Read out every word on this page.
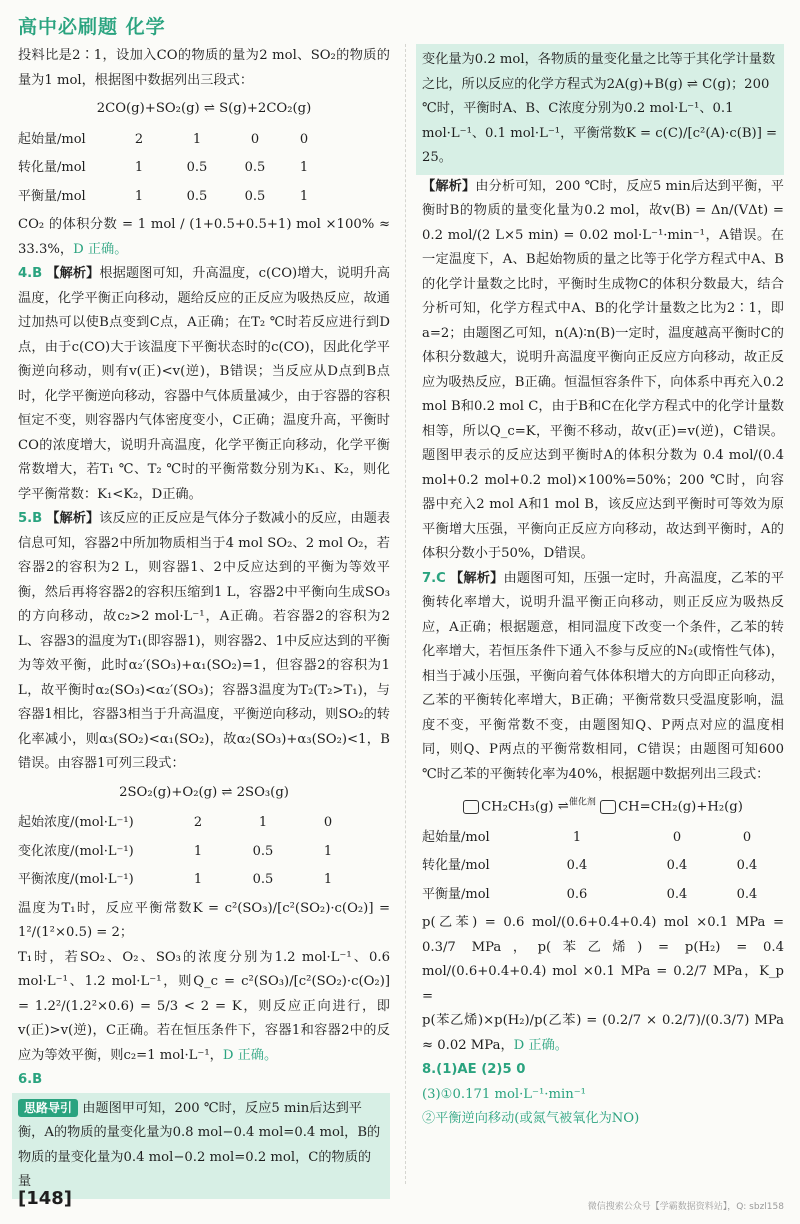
高中必刷题 化学

投料比是2∶1，设加入CO的物质的量为2 mol、SO₂的物质的量为1 mol，根据图中数据列出三段式：

2CO(g)+SO₂(g) ⇌ S(g)+2CO₂(g)
起始量/mol	2	1	0	0
转化量/mol	1	0.5	0.5	1
平衡量/mol	1	0.5	0.5	1

CO₂ 的体积分数 = 1 mol / (1+0.5+0.5+1) mol ×100% ≈ 33.3%，D 正确。

4.B 【解析】根据题图可知，升高温度，c(CO)增大，说明升高温度，化学平衡正向移动，题给反应的正反应为吸热反应，故通过加热可以使B点变到C点，A正确；在T₂ ℃时若反应进行到D点，由于c(CO)大于该温度下平衡状态时的c(CO)，因此化学平衡逆向移动，则有v(正)<v(逆)，B错误；当反应从D点到B点时，化学平衡逆向移动，容器中气体质量减少，由于容器的容积恒定不变，则容器内气体密度变小，C正确；温度升高，平衡时CO的浓度增大，说明升高温度，化学平衡正向移动，化学平衡常数增大，若T₁ ℃、T₂ ℃时的平衡常数分别为K₁、K₂，则化学平衡常数：K₁<K₂，D正确。

5.B 【解析】该反应的正反应是气体分子数减小的反应，由题表信息可知，容器2中所加物质相当于4 mol SO₂、2 mol O₂，若容器2的容积为2 L，则容器1、2中反应达到的平衡为等效平衡，然后再将容器2的容积压缩到1 L，容器2中平衡向生成SO₃的方向移动，故c₂>2 mol·L⁻¹，A正确。若容器2的容积为2 L、容器3的温度为T₁(即容器1)，则容器2、1中反应达到的平衡为等效平衡，此时α₂′(SO₃)+α₁(SO₂)=1，但容器2的容积为1 L，故平衡时α₂(SO₃)<α₂′(SO₃)；容器3温度为T₂(T₂>T₁)，与容器1相比，容器3相当于升高温度，平衡逆向移动，则SO₂的转化率减小，则α₃(SO₂)<α₁(SO₂)，故α₂(SO₃)+α₃(SO₂)<1，B错误。由容器1可列三段式：

2SO₂(g)+O₂(g) ⇌ 2SO₃(g)
起始浓度/(mol·L⁻¹)	2	1	0
变化浓度/(mol·L⁻¹)	1	0.5	1
平衡浓度/(mol·L⁻¹)	1	0.5	1

温度为T₁时，反应平衡常数K = c²(SO₃)/[c²(SO₂)·c(O₂)] = 1²/(1²×0.5) = 2；

T₁时，若SO₂、O₂、SO₃的浓度分别为1.2 mol·L⁻¹、0.6 mol·L⁻¹、1.2 mol·L⁻¹，则Q_c = c²(SO₃)/[c²(SO₂)·c(O₂)] = 1.2²/(1.2²×0.6) = 5/3 < 2 = K，则反应正向进行，即v(正)>v(逆)，C正确。若在恒压条件下，容器1和容器2中的反应为等效平衡，则c₂=1 mol·L⁻¹，D 正确。

6.B

思路导引 由题图甲可知，200 ℃时，反应5 min后达到平衡，A的物质的量变化量为0.8 mol−0.4 mol=0.4 mol，B的物质的量变化量为0.4 mol−0.2 mol=0.2 mol，C的物质的量
变化量为0.2 mol，各物质的量变化量之比等于其化学计量数之比，所以反应的化学方程式为2A(g)+B(g) ⇌ C(g)；200 ℃时，平衡时A、B、C浓度分别为0.2 mol·L⁻¹、0.1 mol·L⁻¹、0.1 mol·L⁻¹，平衡常数K = c(C)/[c²(A)·c(B)] = 25。

【解析】由分析可知，200 ℃时，反应5 min后达到平衡，平衡时B的物质的量变化量为0.2 mol，故v(B) = Δn/(VΔt) = 0.2 mol/(2 L×5 min) = 0.02 mol·L⁻¹·min⁻¹，A错误。在一定温度下，A、B起始物质的量之比等于化学方程式中A、B的化学计量数之比时，平衡时生成物C的体积分数最大，结合分析可知，化学方程式中A、B的化学计量数之比为2∶1，即a=2；由题图乙可知，n(A)∶n(B)一定时，温度越高平衡时C的体积分数越大，说明升高温度平衡向正反应方向移动，故正反应为吸热反应，B正确。恒温恒容条件下，向体系中再充入0.2 mol B和0.2 mol C，由于B和C在化学方程式中的化学计量数相等，所以Q_c=K，平衡不移动，故v(正)=v(逆)，C错误。题图甲表示的反应达到平衡时A的体积分数为 0.4 mol/(0.4 mol+0.2 mol+0.2 mol)×100%=50%；200 ℃时，向容器中充入2 mol A和1 mol B，该反应达到平衡时可等效为原平衡增大压强，平衡向正反应方向移动，故达到平衡时，A的体积分数小于50%，D错误。

7.C 【解析】由题图可知，压强一定时，升高温度，乙苯的平衡转化率增大，说明升温平衡正向移动，则正反应为吸热反应，A正确；根据题意，相同温度下改变一个条件，乙苯的转化率增大，若恒压条件下通入不参与反应的N₂(或惰性气体)，相当于减小压强，平衡向着气体体积增大的方向即正向移动，乙苯的平衡转化率增大，B正确；平衡常数只受温度影响，温度不变，平衡常数不变，由题图知Q、P两点对应的温度相同，则Q、P两点的平衡常数相同，C错误；由题图可知600 ℃时乙苯的平衡转化率为40%，根据题中数据列出三段式：

CH₂CH₃(g) ⇌$^{催化剂}$ CH=CH₂(g)+H₂(g)
起始量/mol	1	0	0
转化量/mol	0.4	0.4	0.4
平衡量/mol	0.6	0.4	0.4

p(乙苯) = 0.6 mol/(0.6+0.4+0.4) mol ×0.1 MPa = 0.3/7 MPa，p(苯乙烯) = p(H₂) = 0.4 mol/(0.6+0.4+0.4) mol ×0.1 MPa = 0.2/7 MPa，K_p =

p(苯乙烯)×p(H₂)/p(乙苯) = (0.2/7 × 0.2/7)/(0.3/7) MPa ≈ 0.02 MPa，D 正确。

8.(1)AE (2)5 0

(3)①0.171 mol·L⁻¹·min⁻¹

②平衡逆向移动(或氮气被氧化为NO)

[148]	微信搜索公众号【学霸数据资料站】，Q: sbzl158
